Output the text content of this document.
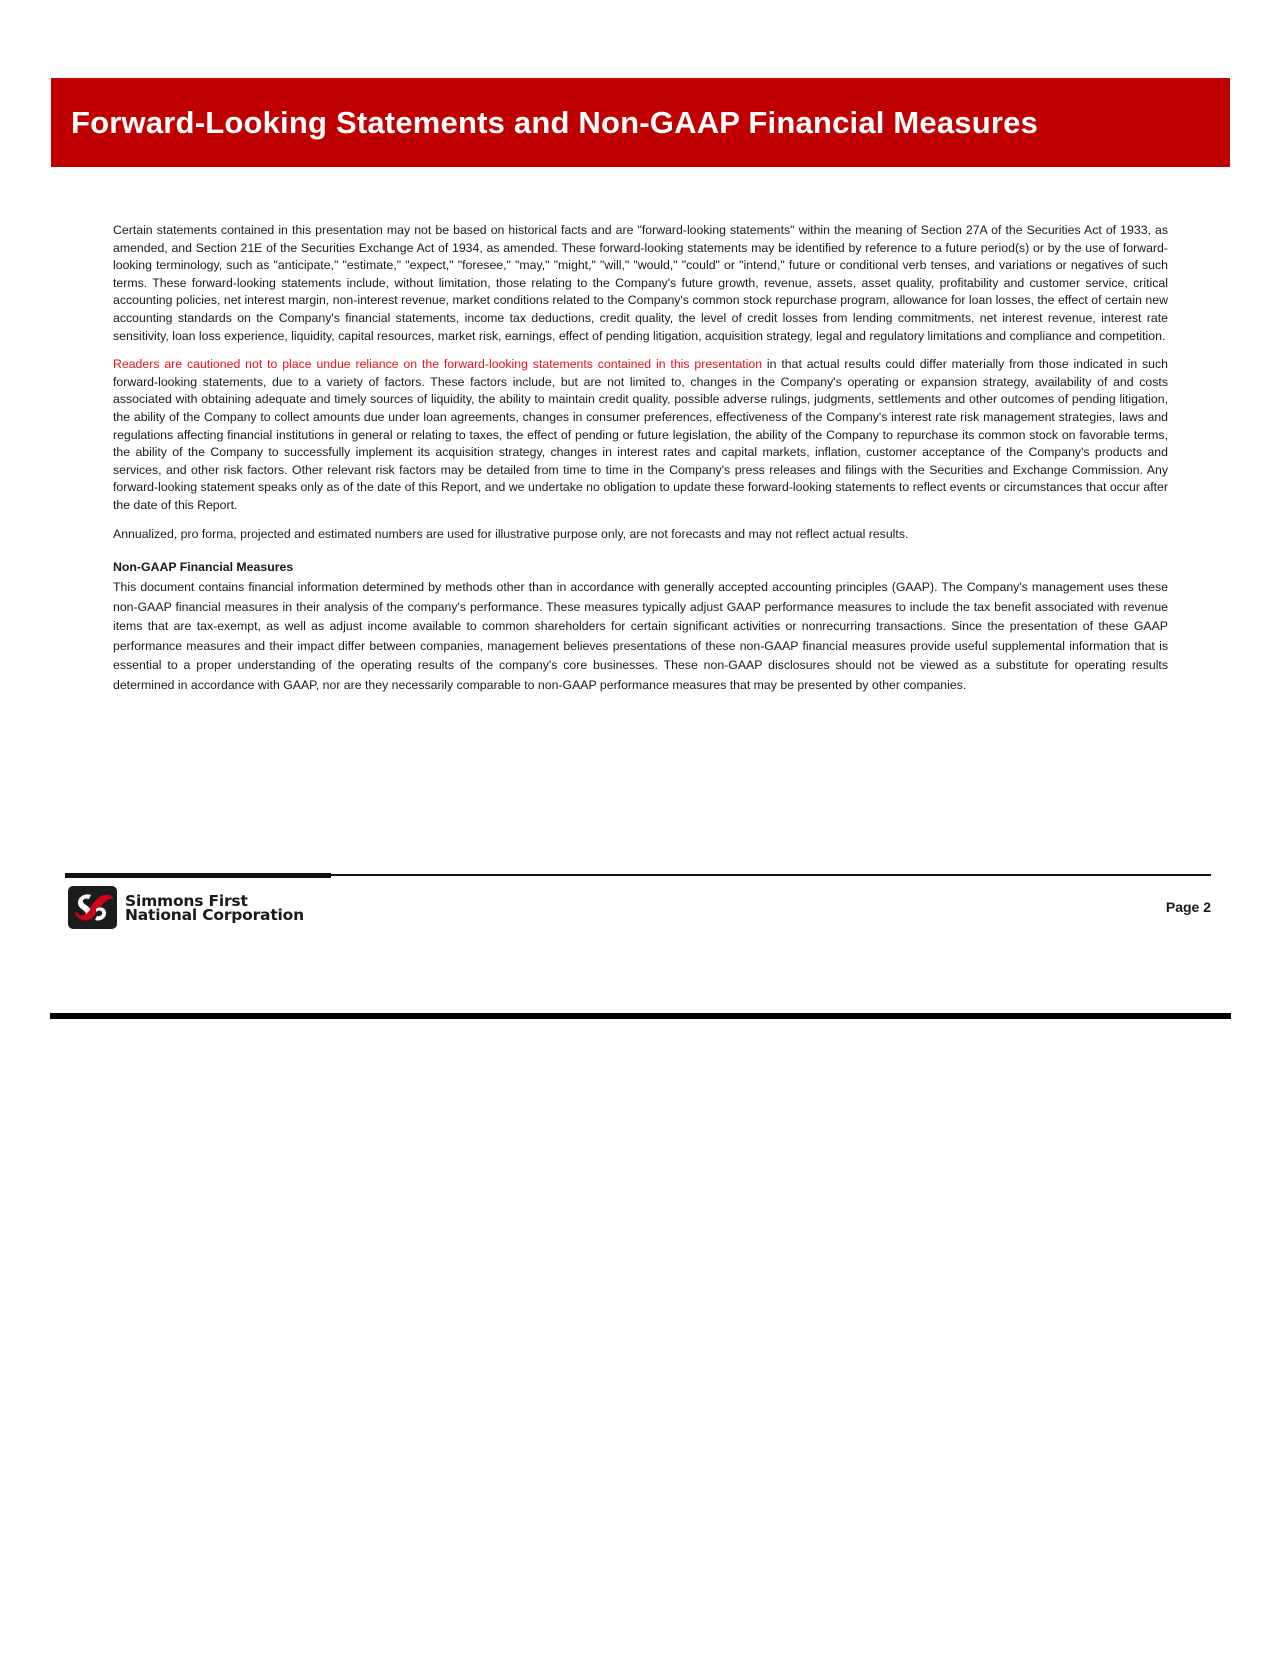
Forward-Looking Statements and Non-GAAP Financial Measures

Certain statements contained in this presentation may not be based on historical facts and are "forward-looking statements" within the meaning of Section 27A of the Securities Act of 1933, as amended, and Section 21E of the Securities Exchange Act of 1934, as amended. These forward-looking statements may be identified by reference to a future period(s) or by the use of forward-looking terminology, such as "anticipate," "estimate," "expect," "foresee," "may," "might," "will," "would," "could" or "intend," future or conditional verb tenses, and variations or negatives of such terms. These forward-looking statements include, without limitation, those relating to the Company's future growth, revenue, assets, asset quality, profitability and customer service, critical accounting policies, net interest margin, non-interest revenue, market conditions related to the Company's common stock repurchase program, allowance for loan losses, the effect of certain new accounting standards on the Company's financial statements, income tax deductions, credit quality, the level of credit losses from lending commitments, net interest revenue, interest rate sensitivity, loan loss experience, liquidity, capital resources, market risk, earnings, effect of pending litigation, acquisition strategy, legal and regulatory limitations and compliance and competition.

Readers are cautioned not to place undue reliance on the forward-looking statements contained in this presentation in that actual results could differ materially from those indicated in such forward-looking statements, due to a variety of factors. These factors include, but are not limited to, changes in the Company's operating or expansion strategy, availability of and costs associated with obtaining adequate and timely sources of liquidity, the ability to maintain credit quality, possible adverse rulings, judgments, settlements and other outcomes of pending litigation, the ability of the Company to collect amounts due under loan agreements, changes in consumer preferences, effectiveness of the Company's interest rate risk management strategies, laws and regulations affecting financial institutions in general or relating to taxes, the effect of pending or future legislation, the ability of the Company to repurchase its common stock on favorable terms, the ability of the Company to successfully implement its acquisition strategy, changes in interest rates and capital markets, inflation, customer acceptance of the Company's products and services, and other risk factors. Other relevant risk factors may be detailed from time to time in the Company's press releases and filings with the Securities and Exchange Commission. Any forward-looking statement speaks only as of the date of this Report, and we undertake no obligation to update these forward-looking statements to reflect events or circumstances that occur after the date of this Report.

Annualized, pro forma, projected and estimated numbers are used for illustrative purpose only, are not forecasts and may not reflect actual results.

Non-GAAP Financial Measures

This document contains financial information determined by methods other than in accordance with generally accepted accounting principles (GAAP). The Company's management uses these non-GAAP financial measures in their analysis of the company's performance. These measures typically adjust GAAP performance measures to include the tax benefit associated with revenue items that are tax-exempt, as well as adjust income available to common shareholders for certain significant activities or nonrecurring transactions. Since the presentation of these GAAP performance measures and their impact differ between companies, management believes presentations of these non-GAAP financial measures provide useful supplemental information that is essential to a proper understanding of the operating results of the company's core businesses. These non-GAAP disclosures should not be viewed as a substitute for operating results determined in accordance with GAAP, nor are they necessarily comparable to non-GAAP performance measures that may be presented by other companies.

Simmons First
National Corporation	Page 2
